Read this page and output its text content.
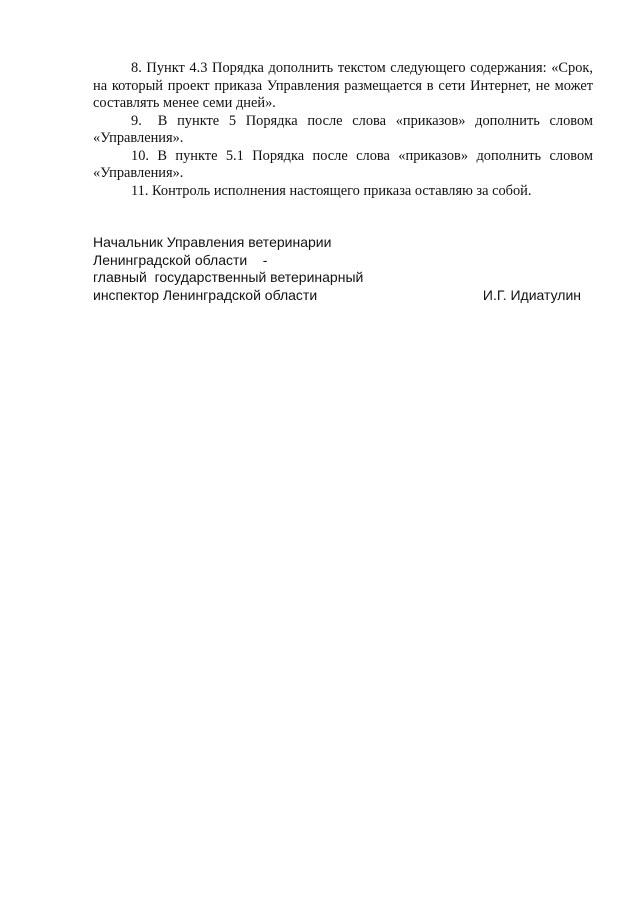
8. Пункт 4.3 Порядка дополнить текстом следующего содержания: «Срок, на который проект приказа Управления размещается в сети Интернет, не может составлять менее семи дней».

9. В пункте 5 Порядка после слова «приказов» дополнить словом «Управления».

10. В пункте 5.1 Порядка после слова «приказов» дополнить словом «Управления».

11. Контроль исполнения настоящего приказа оставляю за собой.

Начальник Управления ветеринарии
Ленинградской области    -
главный  государственный ветеринарный
инспектор Ленинградской области	И.Г. Идиатулин
